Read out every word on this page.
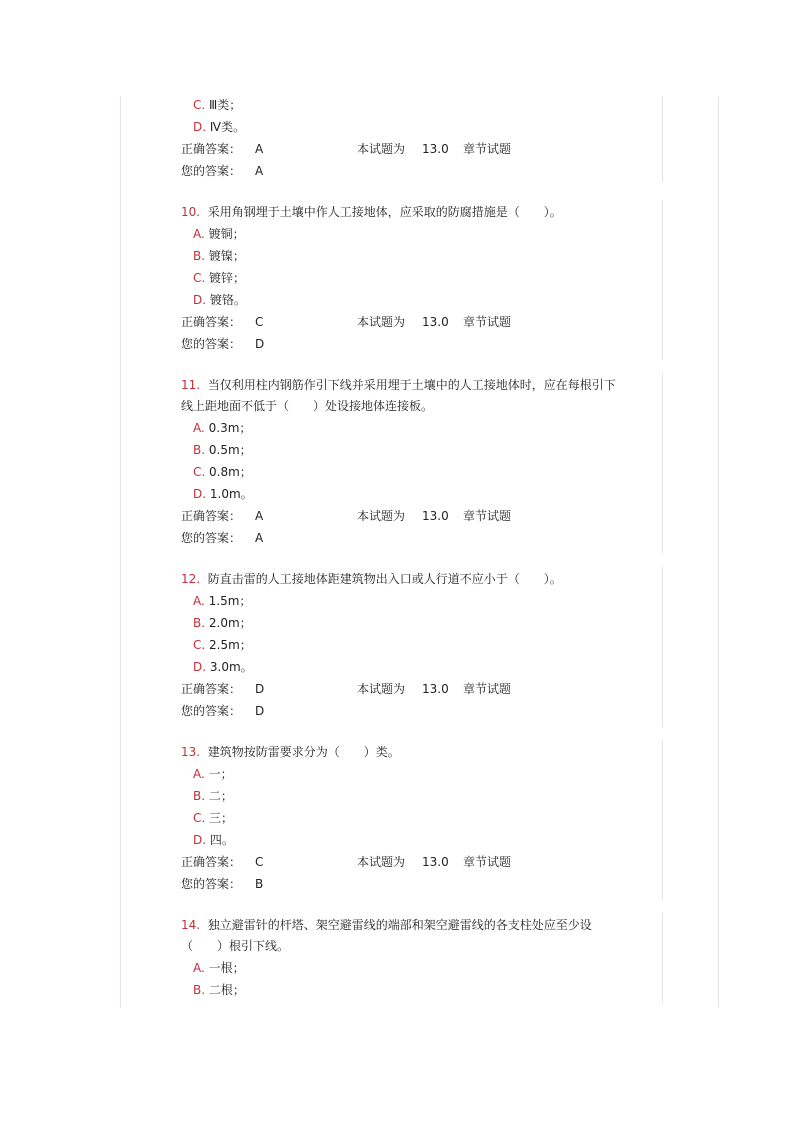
C. Ⅲ类；
D. Ⅳ类。
正确答案： A	本试题为 13.0 章节试题
您的答案： A
10. 采用角钢埋于土壤中作人工接地体，应采取的防腐措施是（　　）。
A. 镀铜；
B. 镀镍；
C. 镀锌；
D. 镀铬。
正确答案： C	本试题为 13.0 章节试题
您的答案： D
11. 当仅利用柱内钢筋作引下线并采用埋于土壤中的人工接地体时，应在每根引下
线上距地面不低于（　　）处设接地体连接板。
A. 0.3m；
B. 0.5m；
C. 0.8m；
D. 1.0m。
正确答案： A	本试题为 13.0 章节试题
您的答案： A
12. 防直击雷的人工接地体距建筑物出入口或人行道不应小于（　　）。
A. 1.5m；
B. 2.0m；
C. 2.5m；
D. 3.0m。
正确答案： D	本试题为 13.0 章节试题
您的答案： D
13. 建筑物按防雷要求分为（　　）类。
A. 一；
B. 二；
C. 三；
D. 四。
正确答案： C	本试题为 13.0 章节试题
您的答案： B
14. 独立避雷针的杆塔、架空避雷线的端部和架空避雷线的各支柱处应至少设
（　　）根引下线。
A. 一根；
B. 二根；
